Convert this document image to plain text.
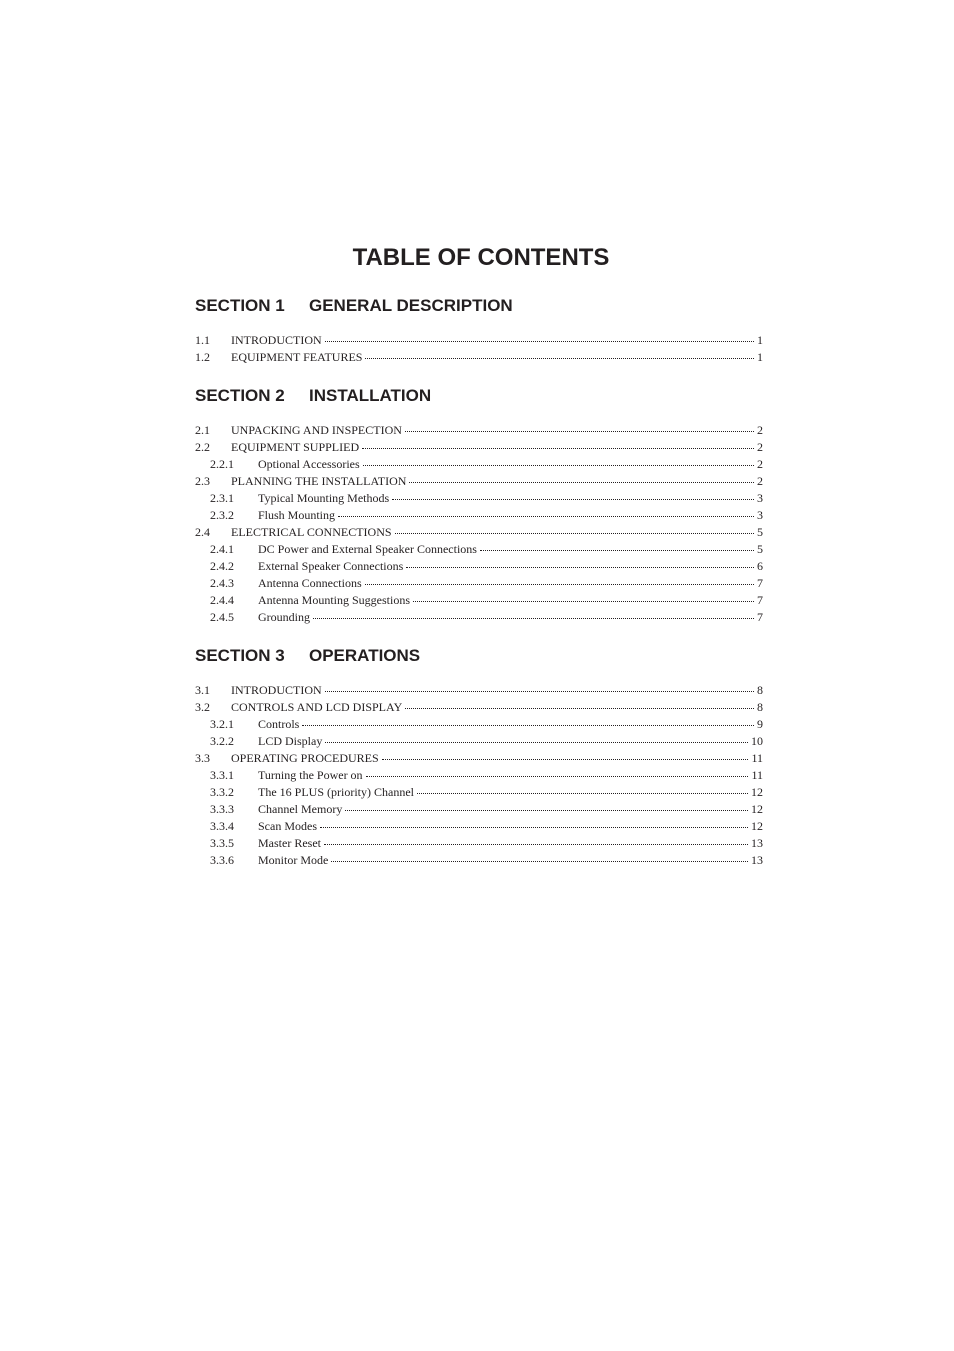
TABLE OF CONTENTS
SECTION 1	GENERAL DESCRIPTION
1.1	INTRODUCTION	1
1.2	EQUIPMENT FEATURES	1
SECTION 2	INSTALLATION
2.1	UNPACKING AND INSPECTION	2
2.2	EQUIPMENT SUPPLIED	2
2.2.1	Optional Accessories	2
2.3	PLANNING THE INSTALLATION	2
2.3.1	Typical Mounting Methods	3
2.3.2	Flush Mounting	3
2.4	ELECTRICAL CONNECTIONS	5
2.4.1	DC Power and External Speaker Connections	5
2.4.2	External Speaker Connections	6
2.4.3	Antenna Connections	7
2.4.4	Antenna Mounting Suggestions	7
2.4.5	Grounding	7
SECTION 3	OPERATIONS
3.1	INTRODUCTION	8
3.2	CONTROLS AND LCD DISPLAY	8
3.2.1	Controls	9
3.2.2	LCD Display	10
3.3	OPERATING PROCEDURES	11
3.3.1	Turning the Power on	11
3.3.2	The 16 PLUS (priority) Channel	12
3.3.3	Channel Memory	12
3.3.4	Scan Modes	12
3.3.5	Master Reset	13
3.3.6	Monitor Mode	13
